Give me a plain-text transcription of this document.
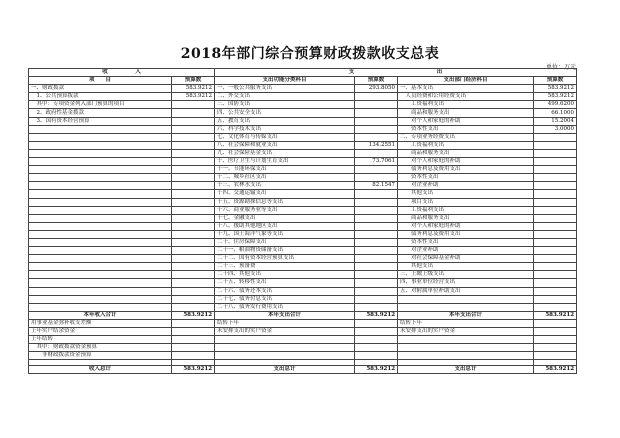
2018年部门综合预算财政拨款收支总表
单位：万元
收　　　　　入		支　　　　　　　　　　　　　　　出			
项　　目	预算数	支出功能分类科目	预算数	支出部门经济科目	预算数
一、财政拨款	583.9212	一、一般公共服务支出	293.8050	一、基本支出	583.9212
　1、公共预算拨款	583.9212	二、外交支出		　人员经费和公用经费支出	583.9212
　其中：专项资金列入部门预算的项目		三、国防支出		　　工资福利支出	499.6200
　2、政府性基金拨款		四、公共安全支出		　　商品和服务支出	66.1000
　3、国有资本经营预算		五、教育支出		　　对个人和家庭的补助	15.2004
		六、科学技术支出		　　资本性支出	3.0000
		七、文化体育与传媒支出		二、专项业务经费支出	
		八、社会保障和就业支出	134.2551	　　工资福利支出	
		九、社会保险基金支出		　　商品和服务支出	
		十、医疗卫生与计划生育支出	73.7061	　　对个人和家庭的补助	
		十一、节能环保支出		　　债务利息及费用支出	
		十二、城乡社区支出		　　资本性支出	
		十三、农林水支出	82.1547	　　对企业补助	
		十四、交通运输支出		　　其他支出	
		十五、资源勘探信息等支出		　　项目支出	
		十六、商业服务业等支出		　　工资福利支出	
		十七、金融支出		　　商品和服务支出	
		十八、援助其他地区支出		　　对个人和家庭的补助	
		十九、国土海洋气象等支出		　　债务利息及费用支出	
		二十、住房保障支出		　　资本性支出	
		二十一、粮油物资储备支出		　　对企业补助	
		二十二、国有资本经营预算支出		　　对社会保障基金补助	
		二十三、预备费		　　其他支出	
		二十四、其他支出		三、上缴上级支出	
		二十五、转移性支出		四、事业单位经营支出	
		二十六、债务还本支出		五、对附属单位补助支出	
		二十七、债务付息支出			
		二十八、债务发行费用支出			
本年收入合计	583.9212	本年支出合计	583.9212	本年支出合计	583.9212
用事业基金弥补收支差额		结转下年		结转下年	
上年实户结余资金		未安排支出的实户资金		未安排支出的实户资金	
上年结转					
　其中：财政拨款资金预算					
　　非财政拨款资金预算					

收入总计	583.9212	支出总计	583.9212	支出总计	583.9212
